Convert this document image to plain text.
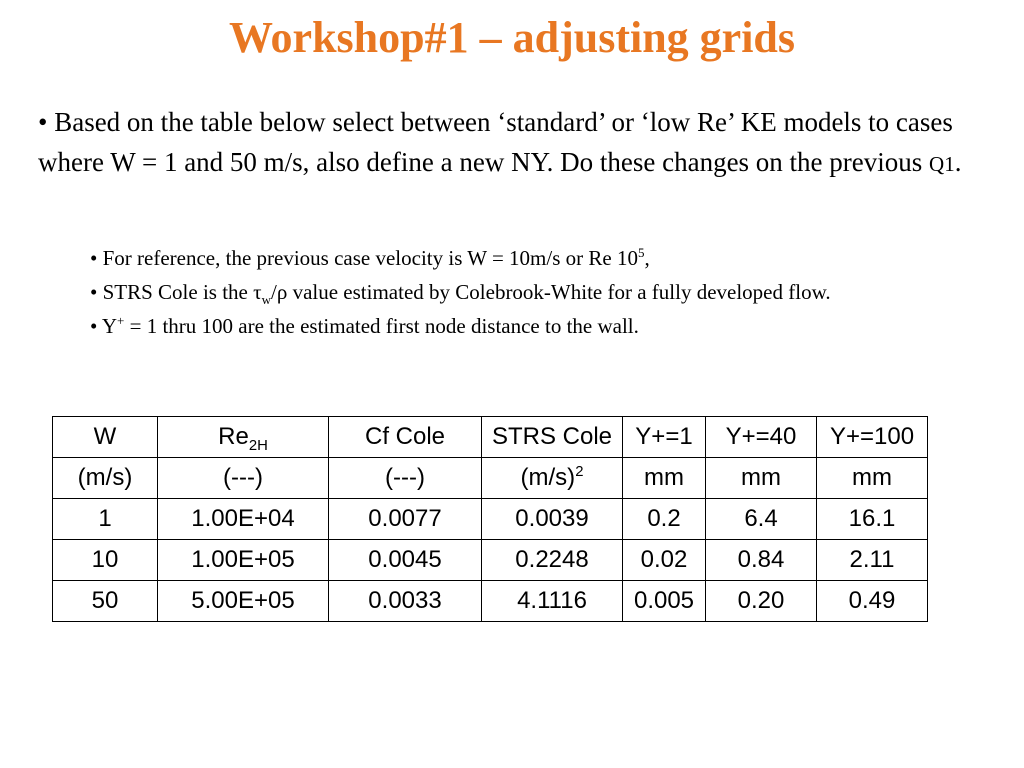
Workshop#1 – adjusting grids
• Based on the table below select between ‘standard’ or ‘low Re’ KE models to cases where W = 1 and 50 m/s, also define a new NY. Do these changes on the previous Q1.

• For reference, the previous case velocity is W = 10m/s or Re $10^5$,

• STRS Cole is the $\tau_w/\rho$ value estimated by Colebrook-White for a fully developed flow.

• Y+ = 1 thru 100 are the estimated first node distance to the wall.

W	$Re_{2H}$	Cf Cole	STRS Cole	Y+=1	Y+=40	Y+=100
(m/s)	(---)	(---)	$(m/s)^2$	mm	mm	mm
1	1.00E+04	0.0077	0.0039	0.2	6.4	16.1
10	1.00E+05	0.0045	0.2248	0.02	0.84	2.11
50	5.00E+05	0.0033	4.1116	0.005	0.20	0.49
